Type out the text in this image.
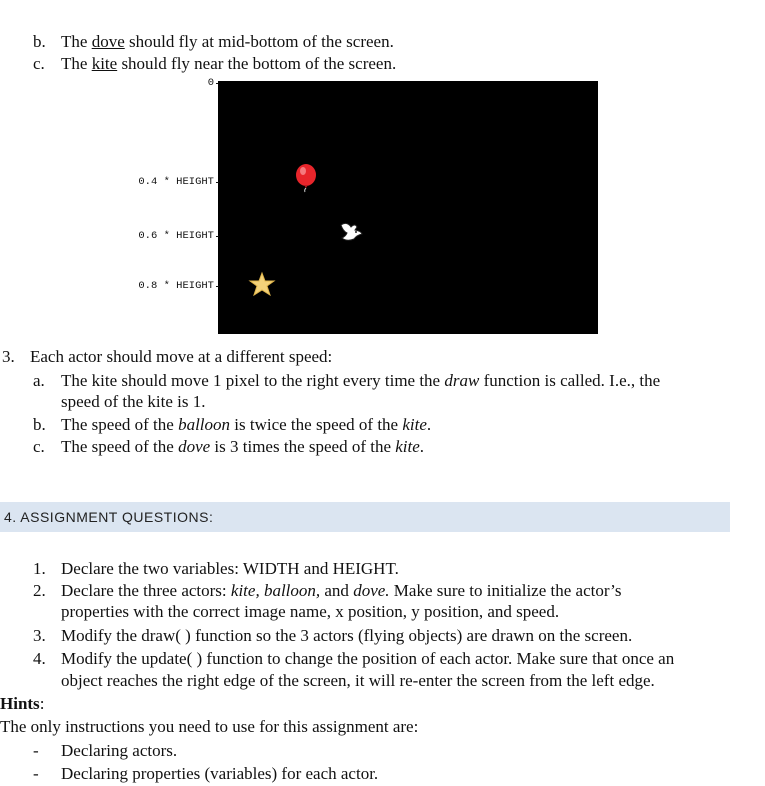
b. The dove should fly at mid-bottom of the screen.
c. The kite should fly near the bottom of the screen.
0
0.4 * HEIGHT
0.6 * HEIGHT
0.8 * HEIGHT
3. Each actor should move at a different speed:
a. The kite should move 1 pixel to the right every time the draw function is called. I.e., the
speed of the kite is 1.
b. The speed of the balloon is twice the speed of the kite.
c. The speed of the dove is 3 times the speed of the kite.
4. ASSIGNMENT QUESTIONS:
1. Declare the two variables: WIDTH and HEIGHT.
2. Declare the three actors: kite, balloon, and dove. Make sure to initialize the actor’s
properties with the correct image name, x position, y position, and speed.
3. Modify the draw( ) function so the 3 actors (flying objects) are drawn on the screen.
4. Modify the update( ) function to change the position of each actor. Make sure that once an
object reaches the right edge of the screen, it will re-enter the screen from the left edge.
Hints:
The only instructions you need to use for this assignment are:
- Declaring actors.
- Declaring properties (variables) for each actor.
